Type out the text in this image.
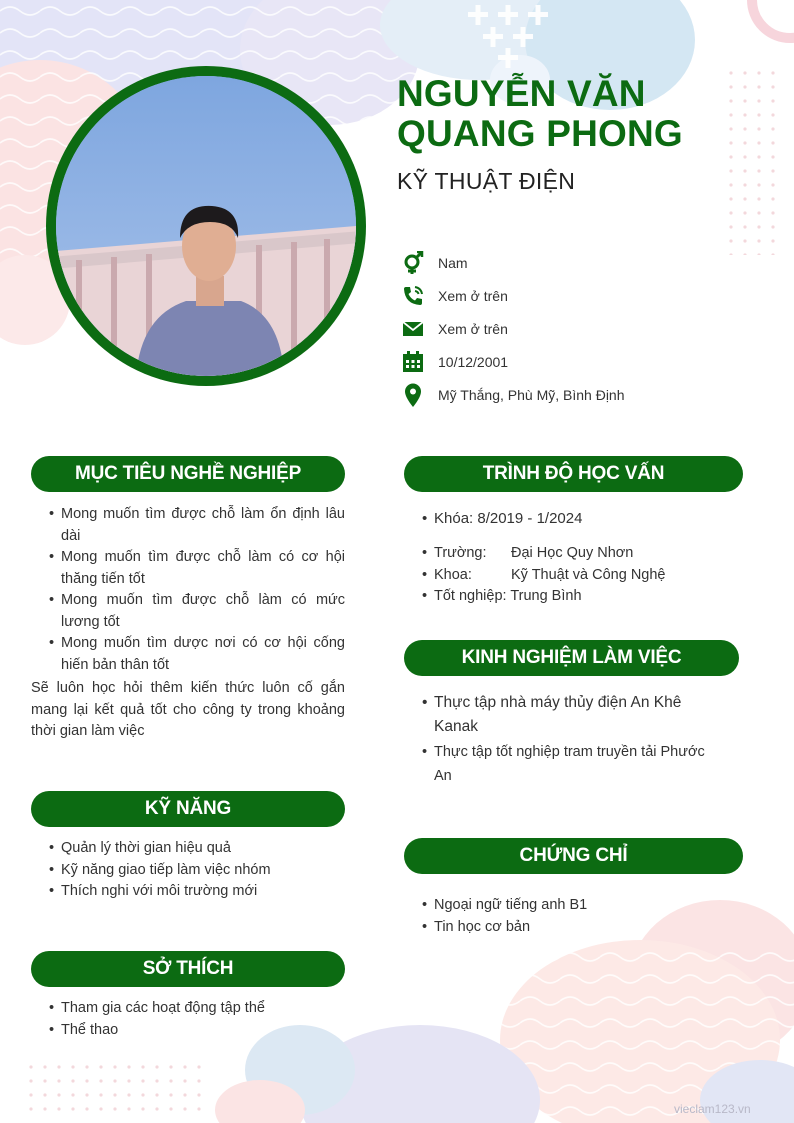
NGUYỄN VĂN
QUANG PHONG
KỸ THUẬT ĐIỆN
Nam
Xem ở trên
Xem ở trên
10/12/2001
Mỹ Thắng, Phù Mỹ, Bình Định
MỤC TIÊU NGHỀ NGHIỆP
• Mong muốn tìm được chỗ làm ổn định lâu dài
• Mong muốn tìm được chỗ làm có cơ hội thăng tiến tốt
• Mong muốn tìm được chỗ làm có mức lương tốt
• Mong muốn tìm dược nơi có cơ hội cống hiến bản thân tốt
Sẽ luôn học hỏi thêm kiến thức luôn cố gắn mang lại kết quả tốt cho công ty trong khoảng thời gian làm việc
KỸ NĂNG
• Quản lý thời gian hiệu quả
• Kỹ năng giao tiếp làm việc nhóm
• Thích nghi với môi trường mới
SỞ THÍCH
• Tham gia các hoạt động tập thể
• Thể thao
TRÌNH ĐỘ HỌC VẤN
• Khóa: 8/2019 - 1/2024
• Trường:	Đại Học Quy Nhơn
• Khoa:	Kỹ Thuật và Công Nghệ
• Tốt nghiệp: Trung Bình
KINH NGHIỆM LÀM VIỆC
• Thực tập nhà máy thủy điện An Khê Kanak
• Thực tập tốt nghiệp tram truyền tải Phước An
CHỨNG CHỈ
• Ngoại ngữ tiếng anh B1
• Tin học cơ bản
vieclam123.vn
